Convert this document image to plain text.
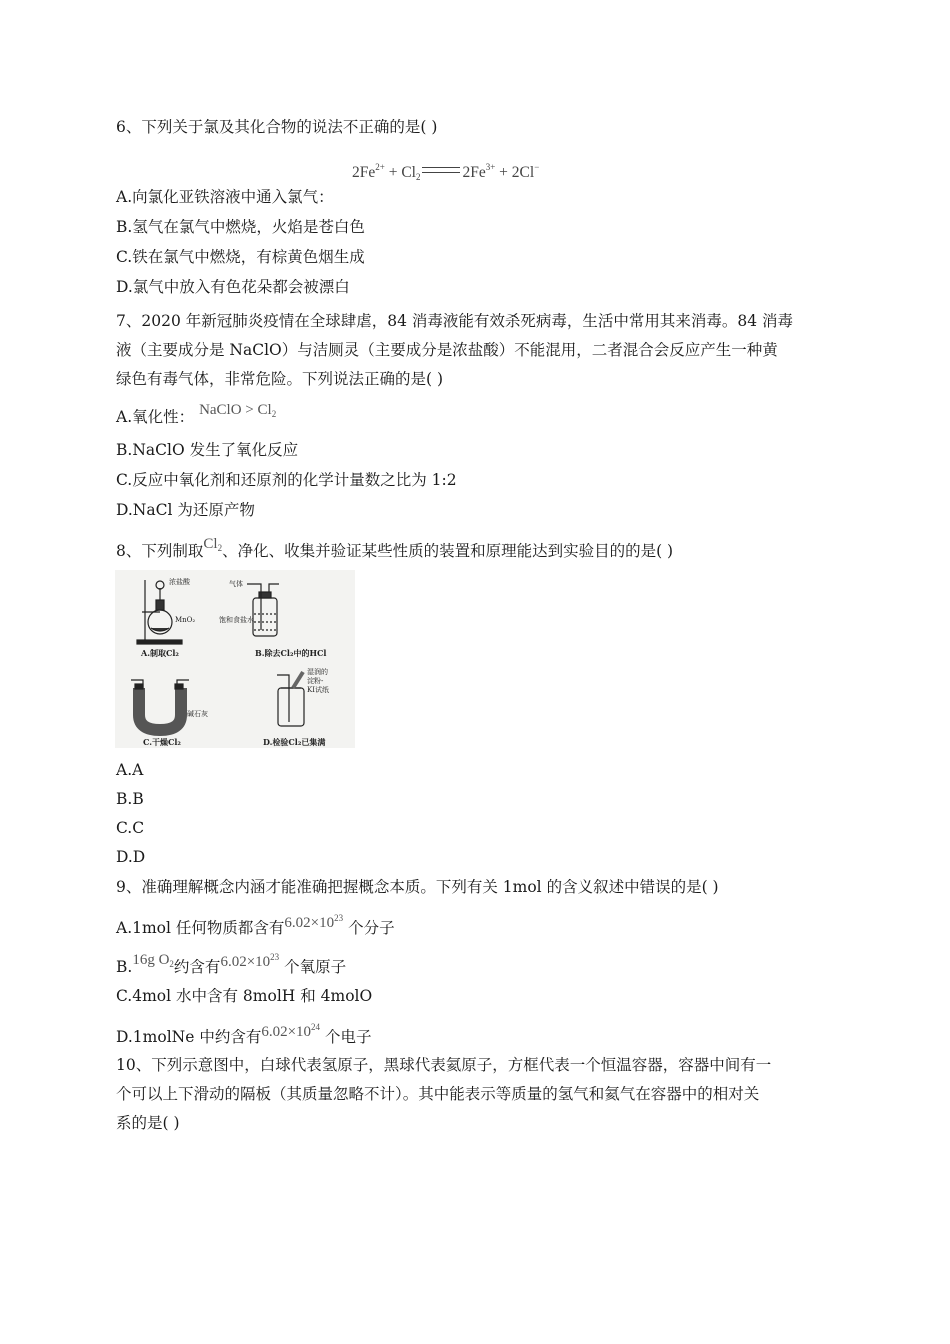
6、下列关于氯及其化合物的说法不正确的是( )
$2Fe^{2+} + Cl_2$	$2Fe^{3+} + 2Cl^-$
A.向氯化亚铁溶液中通入氯气：
B.氢气在氯气中燃烧，火焰是苍白色
C.铁在氯气中燃烧，有棕黄色烟生成
D.氯气中放入有色花朵都会被漂白
7、2020 年新冠肺炎疫情在全球肆虐，84 消毒液能有效杀死病毒，生活中常用其来消毒。84 消毒
液（主要成分是 NaClO）与洁厕灵（主要成分是浓盐酸）不能混用，二者混合会反应产生一种黄
绿色有毒气体，非常危险。下列说法正确的是( )
A.氧化性： NaClO > $Cl_2$
B.NaClO 发生了氧化反应
C.反应中氧化剂和还原剂的化学计量数之比为 1:2
D.NaCl 为还原产物
8、下列制取$Cl_2$、净化、收集并验证某些性质的装置和原理能达到实验目的的是( )
浓盐酸
MnO₂
A.制取Cl₂
气体
饱和食盐水
B.除去Cl₂中的HCl
碱石灰
C.干燥Cl₂
湿润的
淀粉-
KI试纸
D.检验Cl₂已集满
A.A
B.B
C.C
D.D
9、准确理解概念内涵才能准确把握概念本质。下列有关 1mol 的含义叙述中错误的是( )
A.1mol 任何物质都含有$6.02\times 10^{23}$ 个分子
B.16g $O_2$约含有$6.02\times 10^{23}$ 个氧原子
C.4mol 水中含有 8molH 和 4molO
D.1molNe 中约含有$6.02\times 10^{24}$ 个电子
10、下列示意图中，白球代表氢原子，黑球代表氦原子，方框代表一个恒温容器，容器中间有一
个可以上下滑动的隔板（其质量忽略不计）。其中能表示等质量的氢气和氦气在容器中的相对关
系的是( )
